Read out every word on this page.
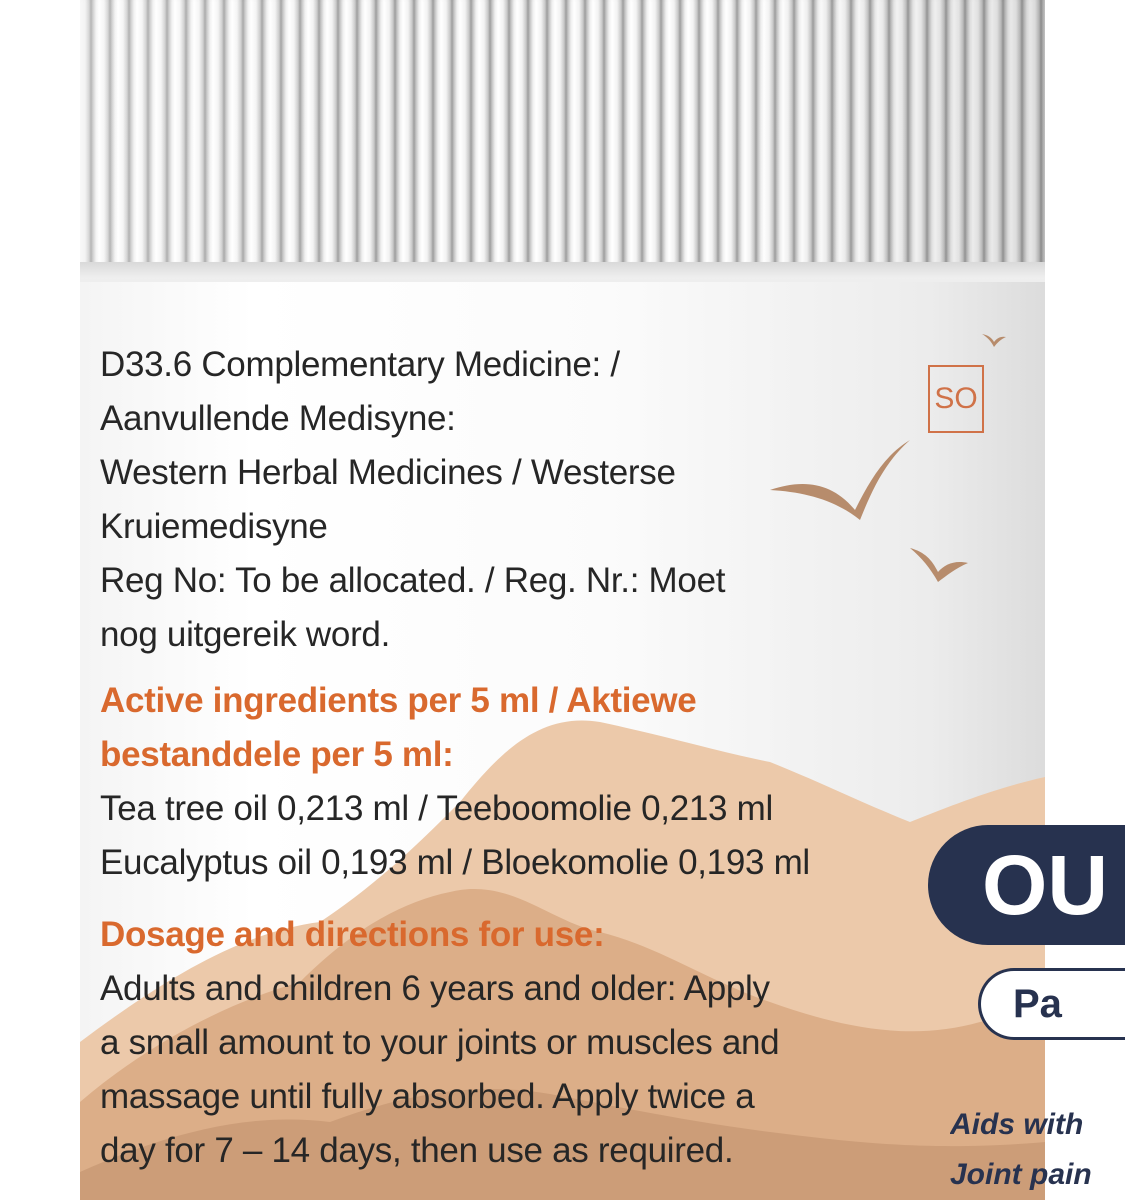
SO
D33.6 Complementary Medicine: /
Aanvullende Medisyne:
Western Herbal Medicines / Westerse
Kruiemedisyne
Reg No: To be allocated. / Reg. Nr.: Moet
nog uitgereik word.
Active ingredients per 5 ml / Aktiewe
bestanddele per 5 ml:
Tea tree oil 0,213 ml / Teeboomolie 0,213 ml
Eucalyptus oil 0,193 ml / Bloekomolie 0,193 ml
Dosage and directions for use:
Adults and children 6 years and older: Apply
a small amount to your joints or muscles and
massage until fully absorbed. Apply twice a
day for 7 – 14 days, then use as required.
OU
Pa
Aids with
Joint pain
